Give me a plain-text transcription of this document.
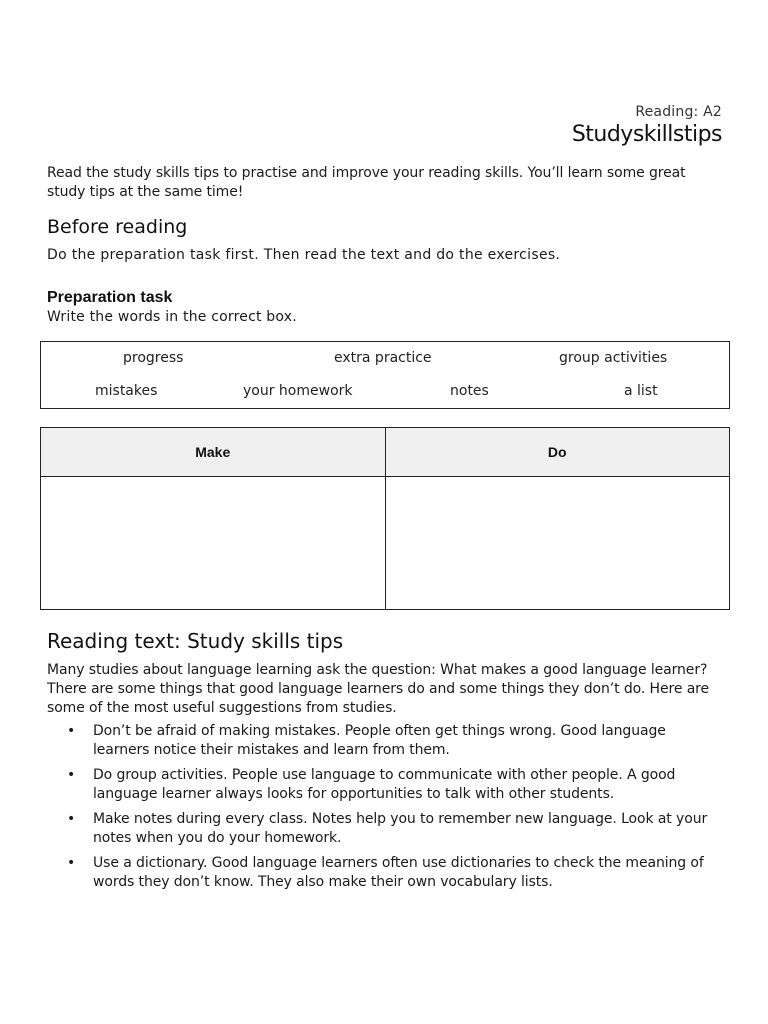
Reading: A2
Studyskillstips
Read the study skills tips to practise and improve your reading skills. You’ll learn some great study tips at the same time!
Before reading
Do the preparation task first. Then read the text and do the exercises.
Preparation task
Write the words in the correct box.
progress	extra practice	group activities
mistakes	your homework	notes	a list
Make	Do

Reading text: Study skills tips
Many studies about language learning ask the question: What makes a good language learner? There are some things that good language learners do and some things they don’t do. Here are some of the most useful suggestions from studies.
• Don’t be afraid of making mistakes. People often get things wrong. Good language learners notice their mistakes and learn from them.
• Do group activities. People use language to communicate with other people. A good language learner always looks for opportunities to talk with other students.
• Make notes during every class. Notes help you to remember new language. Look at your notes when you do your homework.
• Use a dictionary. Good language learners often use dictionaries to check the meaning of words they don’t know. They also make their own vocabulary lists.
